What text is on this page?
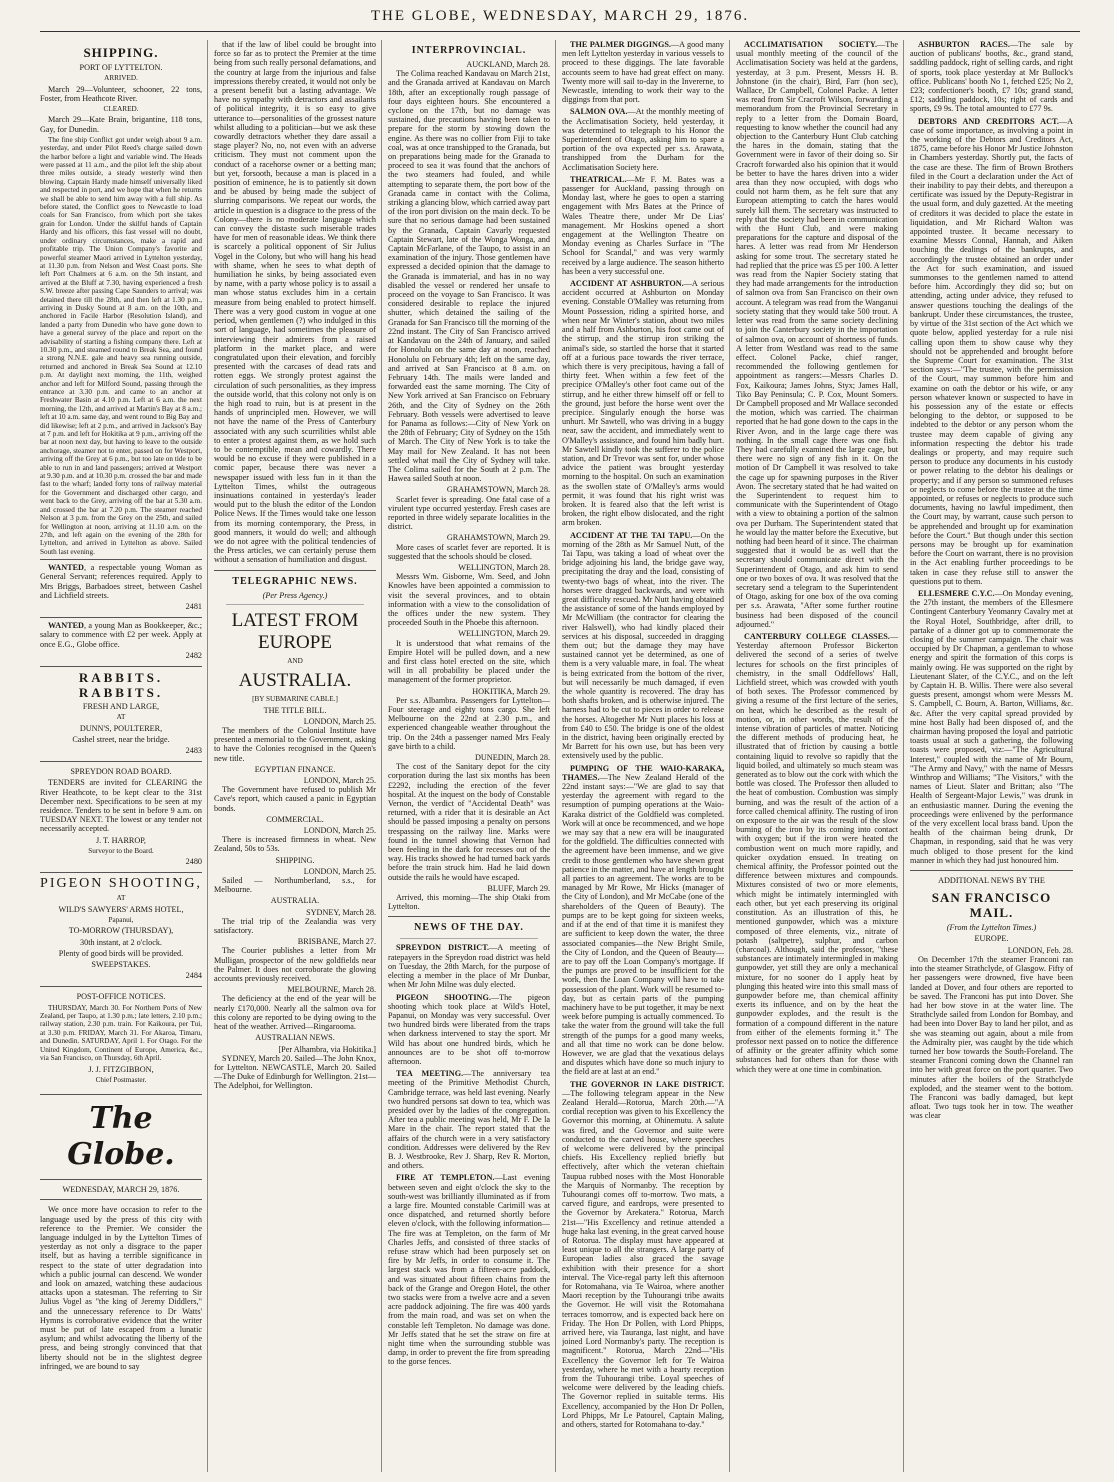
THE GLOBE, WEDNESDAY, MARCH 29, 1876.
SHIPPING.
PORT OF LYTTELTON.
ARRIVED.

March 29—Volunteer, schooner, 22 tons, Foster, from Heathcote River.

CLEARED.

March 29—Kate Brain, brigantine, 118 tons, Gay, for Dunedin.

The fine ship Conflict got under weigh about 9 a.m. yesterday, and under Pilot Reed's charge sailed down the harbor before a light and variable wind. The Heads were passed at 11 a.m., and the pilot left the ship about three miles outside, a steady westerly wind then blowing. Captain Hardy made himself universally liked and respected in port, and we hope that when he returns we shall be able to send him away with a full ship. As before stated, the Conflict goes to Newcastle to load coals for San Francisco, from which port she takes grain for London. Under the skilful hands of Captain Hardy and his officers, this fast vessel will no doubt, under ordinary circumstances, make a rapid and profitable trip. The Union Company's favorite and powerful steamer Maori arrived in Lyttelton yesterday, at 11.30 p.m. from Nelson and West Coast ports. She left Port Chalmers at 6 a.m. on the 5th instant, and arrived at the Bluff at 7.30, having experienced a fresh S.W. breeze after passing Cape Saunders to arrival; was detained there till the 28th, and then left at 1.30 p.m., arriving in Dusky Sound at 8 a.m. on the 10th, and anchored in Facile Harbor (Resolution Island), and landed a party from Dunedin who have gone down to have a general survey of the place and report on the advisability of starting a fishing company there. Left at 10.30 p.m., and steamed round to Break Sea, and found a strong N.N.E. gale and heavy sea running outside, returned and anchored in Break Sea Sound at 12.10 p.m. At daylight next morning, the 11th, weighed anchor and left for Milford Sound, passing through the entrance at 3.30 p.m. and came to an anchor at Freshwater Basin at 4.10 p.m. Left at 6 a.m. the next morning, the 12th, and arrived at Martin's Bay at 8 a.m.; left at 10 a.m. same day, and went round to Big Bay and did likewise; left at 2 p.m., and arrived in Jackson's Bay at 7 p.m. and left for Hokitika at 9 p.m., arriving off the bar at noon next day, but having to leave to the outside anchorage, steamer not to enter, passed on for Westport, arriving off the Grey at 6 p.m., but too late on tide to be able to run in and land passengers; arrived at Westport at 9.30 p.m. and at 10.30 p.m. crossed the bar and made fast to the wharf; landed forty tons of railway material for the Government and discharged other cargo, and went back to the Grey, arriving off the bar at 5.30 a.m. and crossed the bar at 7.20 p.m. The steamer reached Nelson at 3 p.m. from the Grey on the 25th, and sailed for Wellington at noon, arriving at 11.10 a.m. on the 27th, and left again on the evening of the 28th for Lyttelton, and arrived in Lyttelton as above. Sailed South last evening.

WANTED, a respectable young Woman as General Servant; references required. Apply to Mrs Briggs, Barbadoes street, between Cashel and Lichfield streets.

2481

WANTED, a young Man as Bookkeeper, &c.; salary to commence with £2 per week. Apply at once E.G., Globe office.

2482
RABBITS. RABBITS.
FRESH AND LARGE,
AT
DUNN'S, POULTERER,
Cashel street, near the bridge.
2483
SPREYDON ROAD BOARD.

TENDERS are invited for CLEARING the River Heathcote, to be kept clear to the 31st December next. Specifications to be seen at my residence. Tenders to be sent in before 9 a.m. on TUESDAY NEXT. The lowest or any tender not necessarily accepted.

J. T. HARROP,
Surveyor to the Board.
2480
PIGEON SHOOTING,
AT
WILD'S SAWYERS' ARMS HOTEL,
Papanui,
TO-MORROW (THURSDAY),
30th instant, at 2 o'clock.
Plenty of good birds will be provided.
SWEEPSTAKES.
2484
POST-OFFICE NOTICES.

THURSDAY, March 30. For Northern Ports of New Zealand, per Taupo, at 1.30 p.m.; late letters, 2.10 p.m.; railway station, 2.30 p.m. train. For Kaikoura, per Tui, at 3.30 p.m. FRIDAY, March 31. For Akaroa, Timaru, and Dunedin. SATURDAY, April 1. For Otago. For the United Kingdom, Continent of Europe, America, &c., via San Francisco, on Thursday, 6th April.

J. J. FITZGIBBON,
Chief Postmaster.
The Globe.
WEDNESDAY, MARCH 29, 1876.

We once more have occasion to refer to the language used by the press of this city with reference to the Premier. We consider the language indulged in by the Lyttelton Times of yesterday as not only a disgrace to the paper itself, but as having a terrible significance in respect to the state of utter degradation into which a public journal can descend. We wonder and look on amazed, watching these audacious attacks upon a statesman. The referring to Sir Julius Vogel as "the king of Jeremy Diddlers," and the unnecessary reference to Dr Watts' Hymns is corroborative evidence that the writer must be put of late escaped from a lunatic asylum; and whilst advocating the liberty of the press, and being strongly convinced that that liberty should not be in the slightest degree infringed, we are bound to say

that if the law of libel could be brought into force so far as to protect the Premier at the time being from such really personal defamations, and the country at large from the injurious and false impressions thereby created, it would not only be a present benefit but a lasting advantage. We have no sympathy with detractors and assailants of political integrity, it is so easy to give utterance to—personalities of the grossest nature whilst alluding to a politician—but we ask these cowardly detractors whether they dare assail a stage player? No, no, not even with an adverse criticism. They must not comment upon the conduct of a racehorse owner or a betting man; but yet, forsooth, because a man is placed in a position of eminence, he is to patiently sit down and be abused by being made the subject of slurring comparisons. We repeat our words, the article in question is a disgrace to the press of the Colony—there is no moderate language which can convey the distaste such miserable trades have for men of reasonable ideas. We think there is scarcely a political opponent of Sir Julius Vogel in the Colony, but who will hang his head with shame, when he sees to what depth of humiliation he sinks, by being associated even by name, with a party whose policy is to assail a man whose status excludes him in a certain measure from being enabled to protect himself. There was a very good custom in vogue at one period, when gentlemen (?) who indulged in this sort of language, had sometimes the pleasure of interviewing their admirers from a raised platform in the market place, and were congratulated upon their elevation, and forcibly presented with the carcases of dead rats and rotten eggs. We strongly protest against the circulation of such personalities, as they impress the outside world, that this colony not only is on the high road to ruin, but is at present in the hands of unprincipled men. However, we will not have the name of the Press of Canterbury associated with any such scurrilities whilst able to enter a protest against them, as we hold such to be contemptible, mean and cowardly. There would be no excuse if they were published in a comic paper, because there was never a newspaper issued with less fun in it than the Lyttelton Times, whilst the outrageous insinuations contained in yesterday's leader would put to the blush the editor of the London Police News. If the Times would take one lesson from its morning contemporary, the Press, in good manners, it would do well; and although we do not agree with the political tendencies of the Press articles, we can certainly peruse them without a sensation of humiliation and disgust.

TELEGRAPHIC NEWS.
(Per Press Agency.)
LATEST FROM EUROPE
AND
AUSTRALIA.
[BY SUBMARINE CABLE.]
THE TITLE BILL.
LONDON, March 25.

The members of the Colonial Institute have presented a memorial to the Government, asking to have the Colonies recognised in the Queen's new title.

EGYPTIAN FINANCE.
LONDON, March 25.

The Government have refused to publish Mr Cave's report, which caused a panic in Egyptian bonds.

COMMERCIAL.
LONDON, March 25.

There is increased firmness in wheat. New Zealand, 50s to 53s.

SHIPPING.
LONDON, March 25.

Sailed — Northumberland, s.s., for Melbourne.

AUSTRALIA.
SYDNEY, March 28.

The trial trip of the Zealandia was very satisfactory.

BRISBANE, March 27.

The Courier publishes a letter from Mr Mulligan, prospector of the new goldfields near the Palmer. It does not corroborate the glowing accounts previously received.

MELBOURNE, March 28.

The deficiency at the end of the year will be nearly £170,000. Nearly all the salmon ova for this colony are reported to be dying owing to the heat of the weather. Arrived—Ringarooma.

AUSTRALIAN NEWS.
[Per Alhambra, via Hokitika.]

SYDNEY, March 20. Sailed—The John Knox, for Lyttelton. NEWCASTLE, March 20. Sailed—The Duke of Edinburgh for Wellington. 21st—The Adelphoi, for Wellington.

INTERPROVINCIAL.
AUCKLAND, March 28.

The Colima reached Kandavau on March 21st, and the Granada arrived at Kandavau on March 18th, after an exceptionally rough passage of four days eighteen hours. She encountered a cyclone on the 17th, but no damage was sustained, due precautions having been taken to prepare for the storm by stowing down the engine. As there was no collier from Fiji to take coal, was at once transhipped to the Granada, but on preparations being made for the Granada to proceed to sea it was found that the anchors of the two steamers had fouled, and while attempting to separate them, the port bow of the Granada came in contact with the Colima, striking a glancing blow, which carried away part of the iron port division on the main deck. To be sure that no serious damage had been sustained by the Granada, Captain Cavarly requested Captain Stewart, late of the Wonga Wonga, and Captain McFarlane, of the Taupo, to assist in an examination of the injury. Those gentlemen have expressed a decided opinion that the damage to the Granada is immaterial, and has in no way disabled the vessel or rendered her unsafe to proceed on the voyage to San Francisco. It was considered desirable to replace the injured shutter, which detained the sailing of the Granada for San Francisco till the morning of the 22nd instant. The City of San Francisco arrived at Kandavau on the 24th of January, and sailed for Honolulu on the same day at noon, reached Honolulu on February 4th; left on the same day, and arrived at San Francisco at 8 a.m. on February 14th. The mails were landed and forwarded east the same morning. The City of New York arrived at San Francisco on February 26th, and the City of Sydney on the 26th February. Both vessels were advertised to leave for Panama as follows:—City of New York on the 28th of February; City of Sydney on the 15th of March. The City of New York is to take the May mail for New Zealand. It has not been settled what mail the City of Sydney will take. The Colima sailed for the South at 2 p.m. The Hawea sailed South at noon.

GRAHAMSTOWN, March 28.

Scarlet fever is spreading. One fatal case of a virulent type occurred yesterday. Fresh cases are reported in three widely separate localities in the district.

GRAHAMSTOWN, March 29.

More cases of scarlet fever are reported. It is suggested that the schools should be closed.

WELLINGTON, March 28.

Messrs Wm. Gisborne, Wm. Seed, and John Knowles have been appointed a commission to visit the several provinces, and to obtain information with a view to the consolidation of the offices under the new system. They proceeded South in the Phoebe this afternoon.

WELLINGTON, March 29.

It is understood that what remains of the Empire Hotel will be pulled down, and a new and first class hotel erected on the site, which will in all probability be placed under the management of the former proprietor.

HOKITIKA, March 29.

Per s.s. Albambra. Passengers for Lyttelton—Four steerage and eighty tons cargo. She left Melbourne on the 22nd at 2.30 p.m., and experienced changeable weather throughout the trip. On the 24th a passenger named Mrs Fealy gave birth to a child.

DUNEDIN, March 28.

The cost of the Sanitary depot for the city corporation during the last six months has been £2292, including the erection of the fever hospital. At the inquest on the body of Constable Vernon, the verdict of "Accidental Death" was returned, with a rider that it is desirable an Act should be passed imposing a penalty on persons trespassing on the railway line. Marks were found in the tunnel showing that Vernon had been feeling in the dark for recesses out of the way. His tracks showed he had turned back yards before the train struck him. Had he laid down outside the rails he would have escaped.

BLUFF, March 29.

Arrived, this morning—The ship Otaki from Lyttelton.

NEWS OF THE DAY.

SPREYDON DISTRICT.—A meeting of ratepayers in the Spreydon road district was held on Tuesday, the 28th March, for the purpose of electing a member in the place of Mr Dunbar, when Mr John Milne was duly elected.

PIGEON SHOOTING.—The pigeon shooting which took place at Wild's Hotel, Papanui, on Monday was very successful. Over two hundred birds were liberated from the traps when darkness intervened to stay the sport. Mr Wild has about one hundred birds, which he announces are to be shot off to-morrow afternoon.

TEA MEETING.—The anniversary tea meeting of the Primitive Methodist Church, Cambridge terrace, was held last evening. Nearly two hundred persons sat down to tea, which was presided over by the ladies of the congregation. After tea a public meeting was held, Mr F. De la Mare in the chair. The report stated that the affairs of the church were in a very satisfactory condition. Addresses were delivered by the Rev B. J. Westbrooke, Rev J. Sharp, Rev R. Morton, and others.

FIRE AT TEMPLETON.—Last evening between seven and eight o'clock the sky to the south-west was brilliantly illuminated as if from a large fire. Mounted constable Carimill was at once dispatched, and returned shortly before eleven o'clock, with the following information—The fire was at Templeton, on the farm of Mr Charles Jeffs, and consisted of three stacks of refuse straw which had been purposely set on fire by Mr Jeffs, in order to consume it. The largest stack was from a fifteen-acre paddock, and was situated about fifteen chains from the back of the Grange and Oregon Hotel, the other two stacks were from a twelve acre and a seven acre paddock adjoining. The fire was 400 yards from the main road, and was set on when the constable left Templeton. No damage was done. Mr Jeffs stated that he set the straw on fire at night time when the surrounding stubble was damp, in order to prevent the fire from spreading to the gorse fences.

THE PALMER DIGGINGS.—A good many men left Lyttelton yesterday in various vessels to proceed to these diggings. The late favorable accounts seem to have had great effect on many. Twenty more will sail to-day in the Invererne, to Newcastle, intending to work their way to the diggings from that port.

SALMON OVA.—At the monthly meeting of the Acclimatisation Society, held yesterday, it was determined to telegraph to his Honor the Superintendent of Otago, asking him to spare a portion of the ova expected per s.s. Arawata, transhipped from the Durham for the Acclimatisation Society here.

THEATRICAL.—Mr F. M. Bates was a passenger for Auckland, passing through on Monday last, where he goes to open a starring engagement with Mrs Bates at the Prince of Wales Theatre there, under Mr De Lias' management. Mr Hoskins opened a short engagement at the Wellington Theatre on Monday evening as Charles Surface in "The School for Scandal," and was very warmly received by a large audience. The season hitherto has been a very successful one.

ACCIDENT AT ASHBURTON.—A serious accident occurred at Ashburton on Monday evening. Constable O'Malley was returning from Mount Possession, riding a spirited horse, and when near Mr Winter's station, about two miles and a half from Ashburton, his foot came out of the stirrup, and the stirrup iron striking the animal's side, so startled the horse that it started off at a furious pace towards the river terrace, which there is very precipitous, having a fall of thirty feet. When within a few feet of the precipice O'Malley's other foot came out of the stirrup, and he either threw himself off or fell to the ground, just before the horse went over the precipice. Singularly enough the horse was unhurt. Mr Sawtell, who was driving in a buggy near, saw the accident, and immediately went to O'Malley's assistance, and found him badly hurt. Mr Sawtell kindly took the sufferer to the police station, and Dr Trevor was sent for, under whose advice the patient was brought yesterday morning to the hospital. On such an examination as the swollen state of O'Malley's arms would permit, it was found that his right wrist was broken. It is feared also that the left wrist is broken, the right elbow dislocated, and the right arm broken.

ACCIDENT AT THE TAI TAPU.—On the morning of the 28th as Mr Samuel Nutt, of the Tai Tapu, was taking a load of wheat over the bridge adjoining his land, the bridge gave way, precipitating the dray and the load, consisting of twenty-two bags of wheat, into the river. The horses were dragged backwards, and were with great difficulty rescued. Mr Nutt having obtained the assistance of some of the hands employed by Mr McWilliam (the contractor for clearing the river Halswell), who had kindly placed their services at his disposal, succeeded in dragging them out; but the damage they may have sustained cannot yet be determined, as one of them is a very valuable mare, in foal. The wheat is being extricated from the bottom of the river, but will necessarily be much damaged, if even the whole quantity is recovered. The dray has both shafts broken, and is otherwise injured. The harness had to be cut to pieces in order to release the horses. Altogether Mr Nutt places his loss at from £40 to £50. The bridge is one of the oldest in the district, having been originally erected by Mr Barrett for his own use, but has been very extensively used by the public.

PUMPING OF THE WAIO-KARAKA, THAMES.—The New Zealand Herald of the 22nd instant says:—"We are glad to say that yesterday the agreement with regard to the resumption of pumping operations at the Waio-Karaka district of the Goldfield was completed. Work will at once be recommenced, and we hope we may say that a new era will be inaugurated for the goldfield. The difficulties connected with the agreement have been immense, and we give credit to those gentlemen who have shewn great patience in the matter, and have at length brought all parties to an agreement. The works are to be managed by Mr Rowe, Mr Hicks (manager of the City of London), and Mr McCabe (one of the shareholders of the Queen of Beauty). The pumps are to be kept going for sixteen weeks, and if at the end of that time it is manifest they are sufficient to keep down the water, the three associated companies—the New Bright Smile, the City of London, and the Queen of Beauty—are to pay off the Loan Company's mortgage. If the pumps are proved to be insufficient for the work, then the Loan Company will have to take possession of the plant. Work will be resumed to-day, but as certain parts of the pumping machinery have to be put together, it may be next week before pumping is actually commenced. To take the water from the ground will take the full strength of the pumps for a good many weeks, and all that time no work can be done below. However, we are glad that the vexatious delays and disputes which have done so much injury to the field are at last at an end."

THE GOVERNOR IN LAKE DISTRICT.—The following telegram appear in the New Zealand Herald—Rotorua, March 20th.—"A cordial reception was given to his Excellency the Governor this morning, at Ohinemutu. A salute was fired, and the Governor and suite were conducted to the carved house, where speeches of welcome were delivered by the principal chiefs. His Excellency replied briefly but effectively, after which the veteran chieftain Taupua rubbed noses with the Most Honorable the Marquis of Normanby. The reception by Tuhourangi comes off to-morrow. Two mats, a carved figure, and eardrops, were presented to the Governor by Arekatera." Rotorua, March 21st—"His Excellency and retinue attended a huge haka last evening, in the great carved house of Rotorua. The display must have appeared at least unique to all the strangers. A large party of European ladies also graced the savage exhibition with their presence for a short interval. The Vice-regal party left this afternoon for Rotomahana, via Te Wairoa, where another Maori reception by the Tuhourangi tribe awaits the Governor. He will visit the Rotomahana terraces tomorrow, and is expected back here on Friday. The Hon Dr Pollen, with Lord Phipps, arrived here, via Tauranga, last night, and have joined Lord Normanby's party. The reception is magnificent." Rotorua, March 22nd—"His Excellency the Governor left for Te Wairoa yesterday, where he met with a hearty reception from the Tuhourangi tribe. Loyal speeches of welcome were delivered by the leading chiefs. The Governor replied in suitable terms. His Excellency, accompanied by the Hon Dr Pollen, Lord Phipps, Mr Le Patourel, Captain Maling, and others, started for Rotomahana to-day."

ACCLIMATISATION SOCIETY.—The usual monthly meeting of the council of the Acclimatisation Society was held at the gardens, yesterday, at 3 p.m. Present, Messrs H. B. Johnstone (in the chair), Bird, Farr (hon sec), Wallace, Dr Campbell, Colonel Packe. A letter was read from Sir Cracroft Wilson, forwarding a memorandum from the Provincial Secretary in reply to a letter from the Domain Board, requesting to know whether the council had any objection to the Canterbury Hunt Club catching the hares in the domain, stating that the Government were in favor of their doing so. Sir Cracroft forwarded also his opinion that it would be better to have the hares driven into a wider area than they now occupied, with dogs who could not harm them, as he felt sure that any European attempting to catch the hares would surely kill them. The secretary was instructed to reply that the society had been in communication with the Hunt Club, and were making preparations for the capture and disposal of the hares. A letter was read from Mr Henderson asking for some trout. The secretary stated he had replied that the price was £5 per 100. A letter was read from the Napier Society stating that they had made arrangements for the introduction of salmon ova from San Francisco on their own account. A telegram was read from the Wanganui society stating that they would take 500 trout. A letter was read from the same society declining to join the Canterbury society in the importation of salmon ova, on account of shortness of funds. A letter from Westland was read to the same effect. Colonel Packe, chief ranger, recommended the following gentlemen for appointment as rangers:—Messrs Charles D. Fox, Kaikoura; James Johns, Styx; James Hall, Tiko Bay Peninsula; C. P. Cox, Mount Somers. Dr Campbell proposed and Mr Wallace seconded the motion, which was carried. The chairman reported that he had gone down to the caps in the River Avon, and in the large cage there was nothing. In the small cage there was one fish. They had carefully examined the large cage, but there were no sign of any fish in it. On the motion of Dr Campbell it was resolved to take the cage up for spawning purposes in the River Avon. The secretary stated that he had waited on the Superintendent to request him to communicate with the Superintendent of Otago with a view to obtaining a portion of the salmon ova per Durham. The Superintendent stated that he would lay the matter before the Executive, but nothing had been heard of it since. The chairman suggested that it would be as well that the secretary should communicate direct with the Superintendent of Otago, and ask him to send one or two boxes of ova. It was resolved that the secretary send a telegram to the Superintendent of Otago, asking for one box of the ova coming per s.s. Arawata, "After some further routine business had been disposed of the council adjourned."

CANTERBURY COLLEGE CLASSES.—Yesterday afternoon Professor Bickerton delivered the second of a series of twelve lectures for schools on the first principles of chemistry, in the small Oddfellows' Hall, Lichfield street, which was crowded with youth of both sexes. The Professor commenced by giving a resume of the first lecture of the series, on heat, which he described as the result of motion, or, in other words, the result of the intense vibration of particles of matter. Noticing the different methods of producing heat, he illustrated that of friction by causing a bottle containing liquid to revolve so rapidly that the liquid boiled, and ultimately so much steam was generated as to blow out the cork with which the bottle was closed. The Professor then alluded to the heat of combustion. Combustion was simply burning, and was the result of the action of a force called chemical affinity. The rusting of iron on exposure to the air was the result of the slow burning of the iron by its coming into contact with oxygen; but if the iron were heated the combustion went on much more rapidly, and quicker oxydation ensued. In treating on chemical affinity, the Professor pointed out the difference between mixtures and compounds. Mixtures consisted of two or more elements, which might be intimately intermingled with each other, but yet each preserving its original constitution. As an illustration of this, he mentioned gunpowder, which was a mixture composed of three elements, viz., nitrate of potash (saltpetre), sulphur, and carbon (charcoal). Although, said the professor, "these substances are intimately intermingled in making gunpowder, yet still they are only a mechanical mixture, for no sooner do I apply heat by plunging this heated wire into this small mass of gunpowder before me, than chemical affinity exerts its influence, and on by the heat the gunpowder explodes, and the result is the formation of a compound different in the nature from either of the elements forming it." The professor next passed on to notice the difference of affinity or the greater affinity which some substances had for others than for those with which they were at one time in combination.

ASHBURTON RACES.—The sale by auction of publicans' booths, &c., grand stand, saddling paddock, right of selling cards, and right of sports, took place yesterday at Mr Bullock's office. Publicans' booth No 1, fetched £25; No 2, £23; confectioner's booth, £7 10s; grand stand, £12; saddling paddock, 10s; right of cards and sports, £9 9s. The total amounted to £77 9s.

DEBTORS AND CREDITORS ACT.—A case of some importance, as involving a point in the working of the Debtors and Creditors Act, 1875, came before his Honor Mr Justice Johnston in Chambers yesterday. Shortly put, the facts of the case are these. The firm of Brown Brothers filed in the Court a declaration under the Act of their inability to pay their debts, and thereupon a certificate was issued by the Deputy-Registrar in the usual form, and duly gazetted. At the meeting of creditors it was decided to place the estate in liquidation, and Mr Richard Walton was appointed trustee. It became necessary to examine Messrs Connal, Hannah, and Aiken touching the dealings of the bankrupts, and accordingly the trustee obtained an order under the Act for such examination, and issued summonses to the gentlemen named to attend before him. Accordingly they did so; but on attending, acting under advice, they refused to answer questions touching the dealings of the bankrupt. Under these circumstances, the trustee, by virtue of the 31st section of the Act which we quote below, applied yesterday for a rule nisi calling upon them to show cause why they should not be apprehended and brought before the Supreme Court for examination. The 31st section says:—"The trustee, with the permission of the Court, may summon before him and examine on oath the debtor or his wife, or any person whatever known or suspected to have in his possession any of the estate or effects belonging to the debtor, or supposed to be indebted to the debtor or any person whom the trustee may deem capable of giving any information respecting the debtor his trade dealings or property, and may require such person to produce any documents in his custody or power relating to the debtor his dealings or property; and if any person so summoned refuses or neglects to come before the trustee at the time appointed, or refuses or neglects to produce such documents, having no lawful impediment, then the Court may, by warrant, cause such person to be apprehended and brought up for examination before the Court." But though under this section persons may be brought up for examination before the Court on warrant, there is no provision in the Act enabling further proceedings to be taken in case they refuse still to answer the questions put to them.

ELLESMERE C.Y.C.—On Monday evening, the 27th instant, the members of the Ellesmere Contingent Canterbury Yeomanry Cavalry met at the Royal Hotel, Southbridge, after drill, to partake of a dinner got up to commemorate the closing of the summer campaign. The chair was occupied by Dr Chapman, a gentleman to whose energy and spirit the formation of this corps is mainly owing. He was supported on the right by Lieutenant Slater, of the C.Y.C., and on the left by Captain H. B. Willis. There were also several guests present, amongst whom were Messrs M. S. Campbell, C. Bourn, A. Barton, Williams, &c. &c. After the very capital spread provided by mine host Bally had been disposed of, and the chairman having proposed the loyal and patriotic toasts usual at such a gathering, the following toasts were proposed, viz:—"The Agricultural Interest," coupled with the name of Mr Bourn, "The Army and Navy," with the name of Messrs Winthrop and Williams; "The Visitors," with the names of Lieut. Slater and Brittan; also "The Health of Sergeant-Major Lewis," was drunk in an enthusiastic manner. During the evening the proceedings were enlivened by the performance of the very excellent local brass band. Upon the health of the chairman being drunk, Dr Chapman, in responding, said that he was very much obliged to those present for the kind manner in which they had just honoured him.

ADDITIONAL NEWS BY THE
SAN FRANCISCO MAIL.
(From the Lyttelton Times.)
EUROPE.
LONDON, Feb. 28.

On December 17th the steamer Franconi ran into the steamer Strathclyde, of Glasgow. Fifty of her passengers were drowned, five have been landed at Dover, and four others are reported to be saved. The Franconi has put into Dover. She had her bow stove in at the water line. The Strathclyde sailed from London for Bombay, and had been into Dover Bay to land her pilot, and as she was steaming out again, about a mile from the Admiralty pier, was caught by the tide which turned her bow towards the South-Foreland. The steamer Franconi coming down the Channel ran into her with great force on the port quarter. Two minutes after the boilers of the Strathclyde exploded, and the steamer went to the bottom. The Franconi was badly damaged, but kept afloat. Two tugs took her in tow. The weather was clear
